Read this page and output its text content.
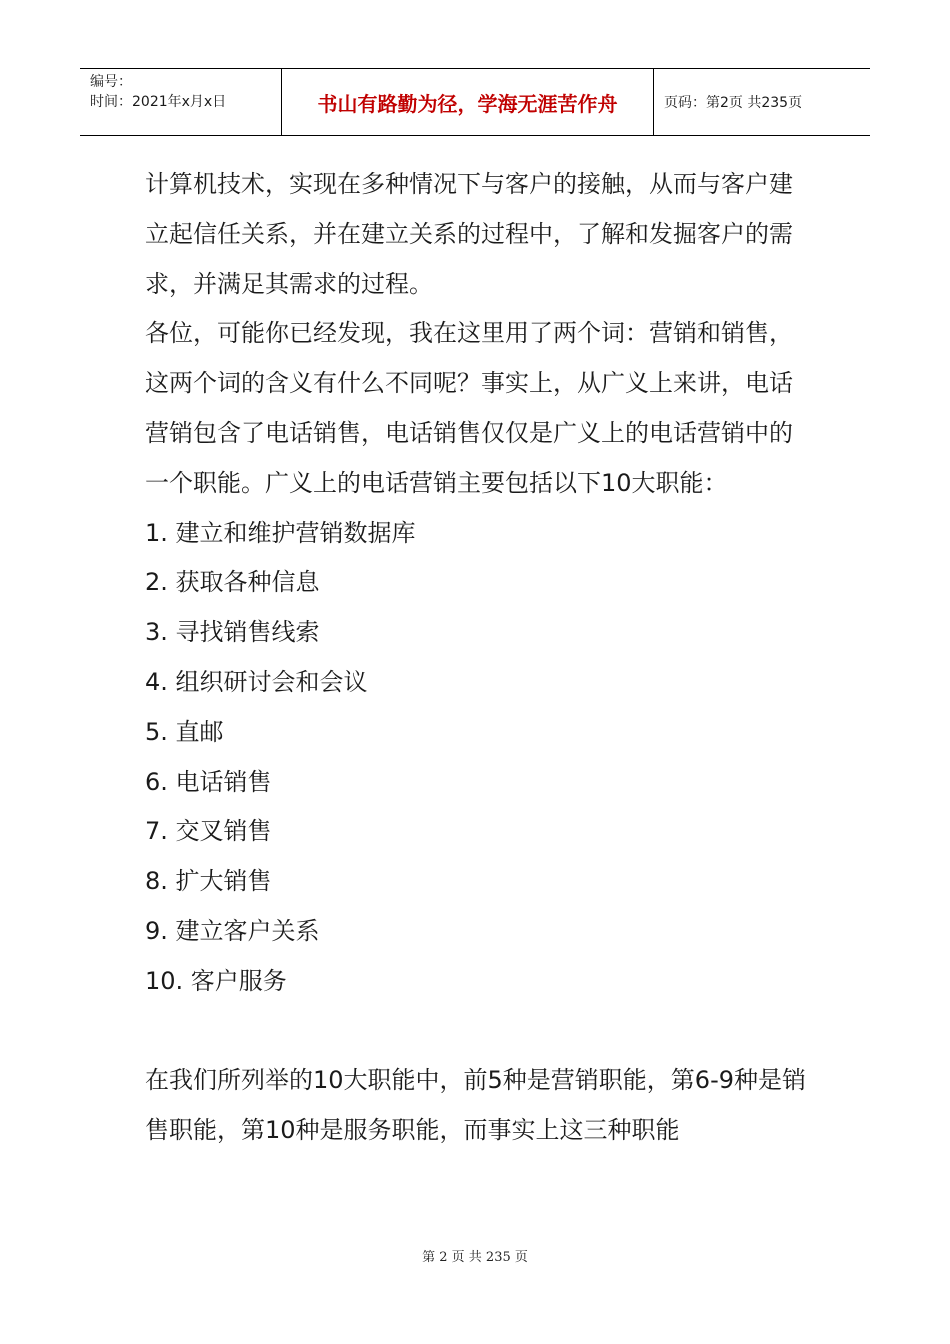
编号：
时间：2021年x月x日	书山有路勤为径，学海无涯苦作舟	页码：第2页 共235页

计算机技术，实现在多种情况下与客户的接触，从而与客户建立起信任关系，并在建立关系的过程中，了解和发掘客户的需求，并满足其需求的过程。

各位，可能你已经发现，我在这里用了两个词：营销和销售，这两个词的含义有什么不同呢？事实上，从广义上来讲，电话营销包含了电话销售，电话销售仅仅是广义上的电话营销中的一个职能。广义上的电话营销主要包括以下10大职能：

1. 建立和维护营销数据库

2. 获取各种信息

3. 寻找销售线索

4. 组织研讨会和会议

5. 直邮

6. 电话销售

7. 交叉销售

8. 扩大销售

9. 建立客户关系

10. 客户服务

在我们所列举的10大职能中，前5种是营销职能，第6-9种是销售职能，第10种是服务职能，而事实上这三种职能

第 2 页 共 235 页
